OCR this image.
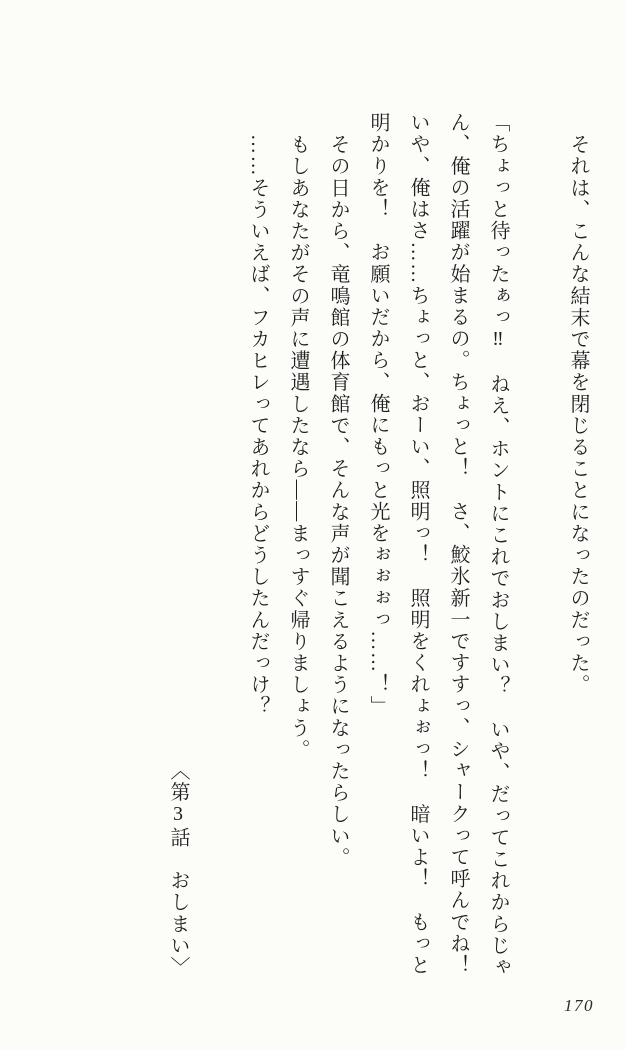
それは、こんな結末で幕を閉じることになったのだった。

「ちょっと待ったぁっ‼　ねえ、ホントにこれでおしまい？　いや、だってこれからじゃん、俺の活躍が始まるの。ちょっと！　さ、鮫氷新一ですすっ、シャークって呼んでね！　いや、俺はさ……ちょっと、おーい、照明っ！　照明をくれょぉっ！　暗いよ！　もっと明かりを！　お願いだから、俺にもっと光をぉぉぉっ……！」

その日から、竜鳴館の体育館で、そんな声が聞こえるようになったらしい。

もしあなたがその声に遭遇したなら——まっすぐ帰りましょう。

……そういえば、フカヒレってあれからどうしたんだっけ？

〈第3話　おしまい〉

170
